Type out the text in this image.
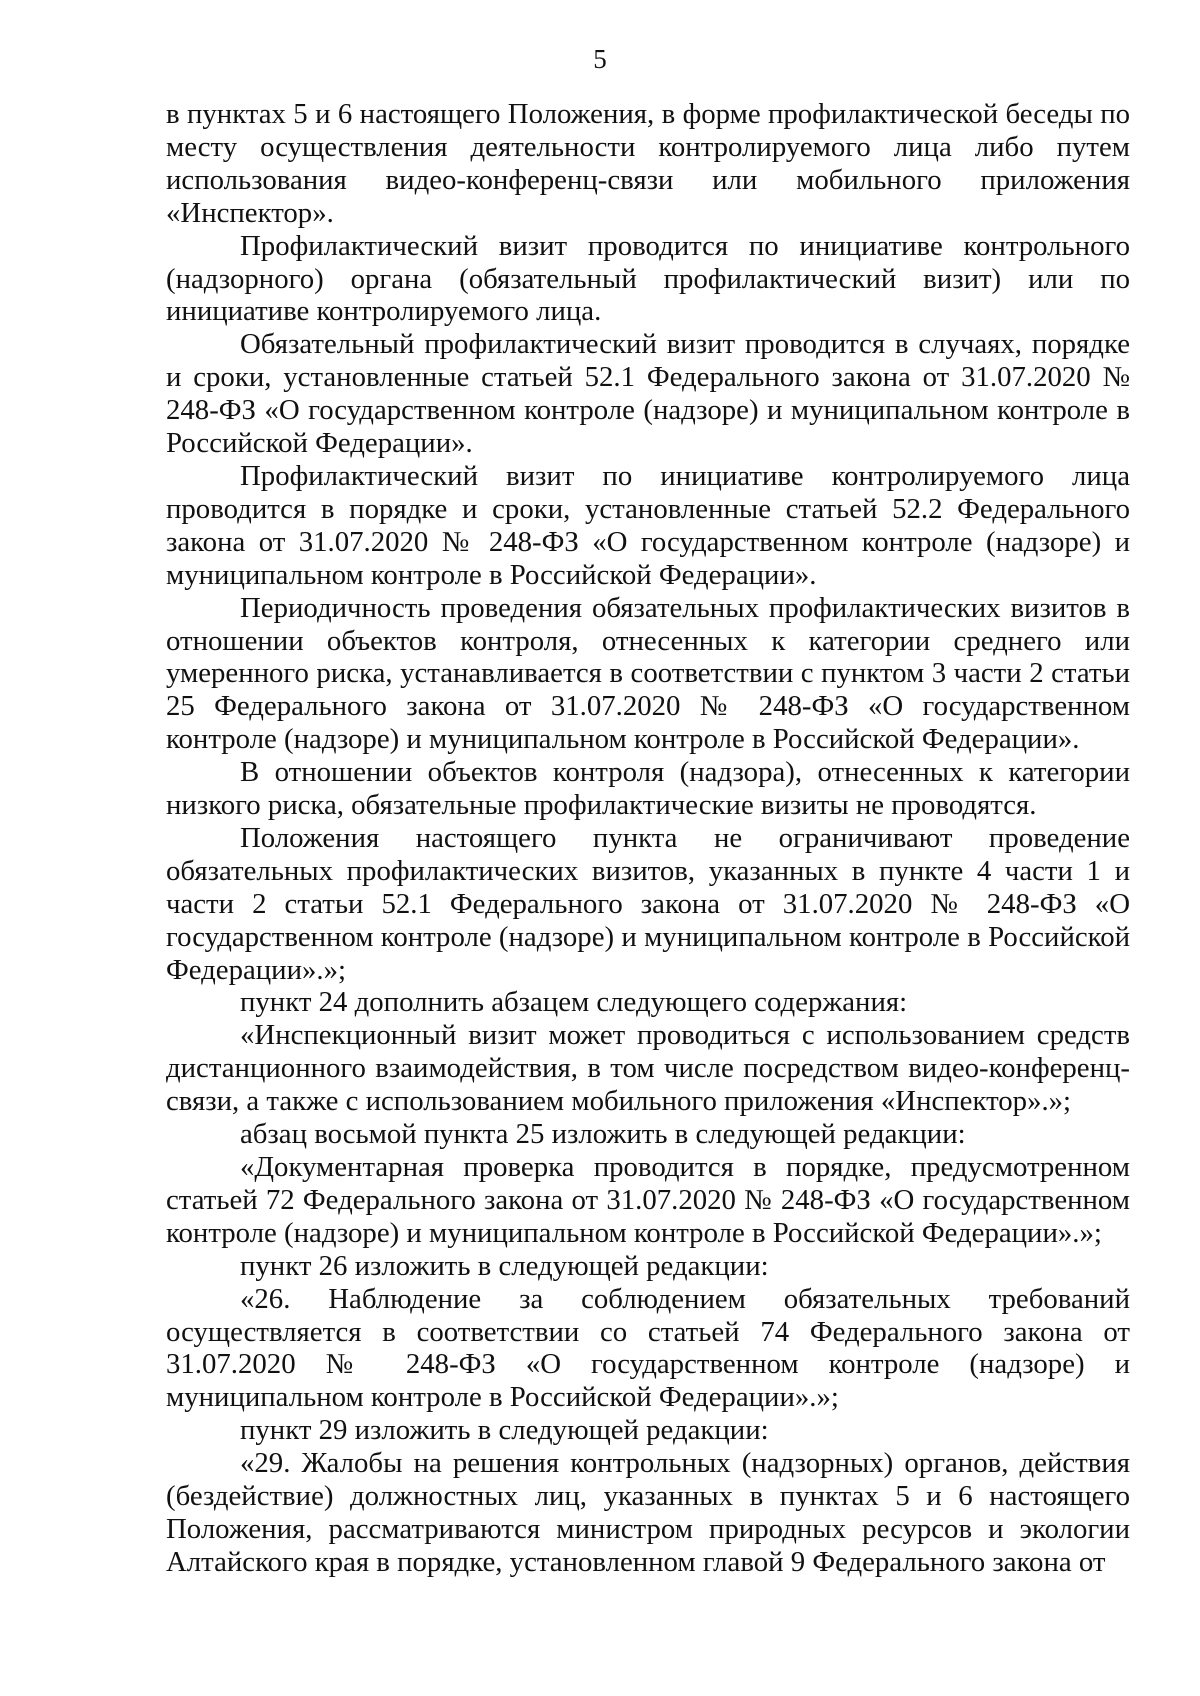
5

в пунктах 5 и 6 настоящего Положения, в форме профилактической беседы по месту осуществления деятельности контролируемого лица либо путем использования видео-конференц-связи или мобильного приложения «Инспектор».

Профилактический визит проводится по инициативе контрольного (надзорного) органа (обязательный профилактический визит) или по инициативе контролируемого лица.

Обязательный профилактический визит проводится в случаях, порядке и сроки, установленные статьей 52.1 Федерального закона от 31.07.2020 № 248-ФЗ «О государственном контроле (надзоре) и муниципальном контроле в Российской Федерации».

Профилактический визит по инициативе контролируемого лица проводится в порядке и сроки, установленные статьей 52.2 Федерального закона от 31.07.2020 № 248-ФЗ «О государственном контроле (надзоре) и муниципальном контроле в Российской Федерации».

Периодичность проведения обязательных профилактических визитов в отношении объектов контроля, отнесенных к категории среднего или умеренного риска, устанавливается в соответствии с пунктом 3 части 2 статьи 25 Федерального закона от 31.07.2020 № 248-ФЗ «О государственном контроле (надзоре) и муниципальном контроле в Российской Федерации».

В отношении объектов контроля (надзора), отнесенных к категории низкого риска, обязательные профилактические визиты не проводятся.

Положения настоящего пункта не ограничивают проведение обязательных профилактических визитов, указанных в пункте 4 части 1 и части 2 статьи 52.1 Федерального закона от 31.07.2020 № 248-ФЗ «О государственном контроле (надзоре) и муниципальном контроле в Российской Федерации».»;

пункт 24 дополнить абзацем следующего содержания:

«Инспекционный визит может проводиться с использованием средств дистанционного взаимодействия, в том числе посредством видео-конференц-связи, а также с использованием мобильного приложения «Инспектор».»;

абзац восьмой пункта 25 изложить в следующей редакции:

«Документарная проверка проводится в порядке, предусмотренном статьей 72 Федерального закона от 31.07.2020 № 248-ФЗ «О государственном контроле (надзоре) и муниципальном контроле в Российской Федерации».»;

пункт 26 изложить в следующей редакции:

«26. Наблюдение за соблюдением обязательных требований осуществляется в соответствии со статьей 74 Федерального закона от 31.07.2020 № 248-ФЗ «О государственном контроле (надзоре) и муниципальном контроле в Российской Федерации».»;

пункт 29 изложить в следующей редакции:

«29. Жалобы на решения контрольных (надзорных) органов, действия (бездействие) должностных лиц, указанных в пунктах 5 и 6 настоящего Положения, рассматриваются министром природных ресурсов и экологии Алтайского края в порядке, установленном главой 9 Федерального закона от
